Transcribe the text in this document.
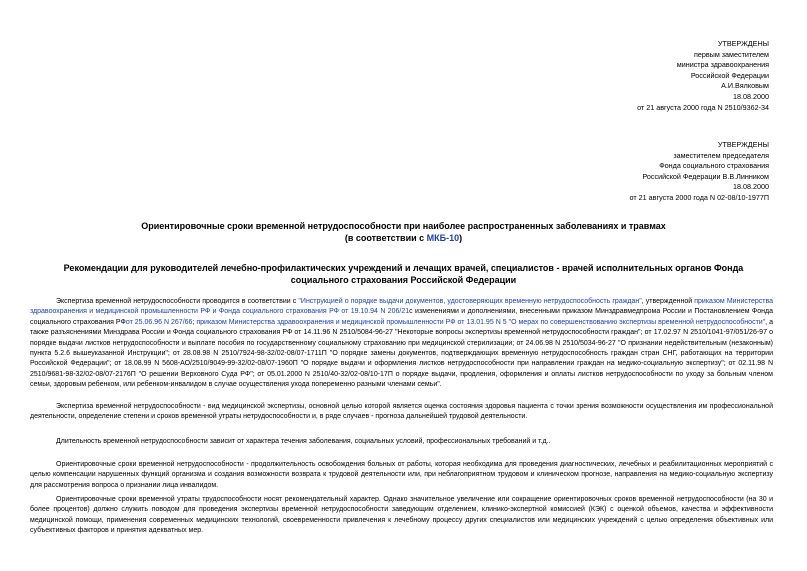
УТВЕРЖДЕНЫ
первым заместителем
министра здравоохранения
Российской Федерации
А.И.Вялковым
18.08.2000
от 21 августа 2000 года N 2510/9362-34
УТВЕРЖДЕНЫ
заместителем председателя
Фонда социального страхования
Российской Федерации В.В.Линником
18.08.2000
от 21 августа 2000 года N 02-08/10-1977П
Ориентировочные сроки временной нетрудоспособности при наиболее распространенных заболеваниях и травмах
(в соответствии с МКБ-10)
Рекомендации для руководителей лечебно-профилактических учреждений и лечащих врачей, специалистов - врачей исполнительных органов Фонда социального страхования Российской Федерации

Экспертиза временной нетрудоспособности проводится в соответствии с "Инструкцией о порядке выдачи документов, удостоверяющих временную нетрудоспособность граждан", утвержденной приказом Министерства здравоохранения и медицинской промышленности РФ и Фонда социального страхования РФ от 19.10.94 N 206/21с изменениями и дополнениями, внесенными приказом Минздравмедпрома России и Постановлением Фонда социального страхования РФот 25.06.96 N 267/66; приказом Министерства здравоохранения и медицинской промышленности РФ от 13.01.95 N 5 "О мерах по совершенствованию экспертизы временной нетрудоспособности", а также разъяснениями Минздрава России и Фонда социального страхования РФ от 14.11.96 N 2510/5084-96-27 "Некоторые вопросы экспертизы временной нетрудоспособности граждан"; от 17.02.97 N 2510/1041-97/051/26-97 о порядке выдачи листков нетрудоспособности и выплате пособия по государственному социальному страхованию при медицинской стерилизации; от 24.06.98 N 2510/5034-96-27 "О признании недействительным (незаконным) пункта 5.2.6 вышеуказанной Инструкции"; от 28.08.98 N 2510/7924-98-32/02-08/07-1711П "О порядке замены документов, подтверждающих временную нетрудоспособность граждан стран СНГ, работающих на территории Российской Федерации"; от 18.08.99 N 5608-АО/2510/9049-99-32/02-08/07-1960П "О порядке выдачи и оформления листков нетрудоспособности при направлении граждан на медико-социальную экспертизу"; от 02.11.98 N 2510/9681-98-32/02-08/07-2176П "О решении Верховного Суда РФ"; от 05.01.2000 N 2510/40-32/02-08/10-17П о порядке выдачи, продления, оформления и оплаты листков нетрудоспособности по уходу за больным членом семьи, здоровым ребенком, или ребенком-инвалидом в случае осуществления ухода попеременно разными членами семьи".

Экспертиза временной нетрудоспособности - вид медицинской экспертизы, основной целью которой является оценка состояния здоровья пациента с точки зрения возможности осуществления им профессиональной деятельности, определение степени и сроков временной утраты нетрудоспособности и, в ряде случаев - прогноза дальнейшей трудовой деятельности.

Длительность временной нетрудоспособности зависит от характера течения заболевания, социальных условий, профессиональных требований и т.д..

Ориентировочные сроки временной нетрудоспособности - продолжительность освобождения больных от работы, которая необходима для проведения диагностических, лечебных и реабилитационных мероприятий с целью компенсации нарушенных функций организма и создания возможности возврата к трудовой деятельности или, при неблагоприятном трудовом и клиническом прогнозе, направления на медико-социальную экспертизу для рассмотрения вопроса о признании лица инвалидом.

Ориентировочные сроки временной утраты трудоспособности носят рекомендательный характер. Однако значительное увеличение или сокращение ориентировочных сроков временной нетрудоспособности (на 30 и более процентов) должно служить поводом для проведения экспертизы временной нетрудоспособности заведующим отделением, клинико-экспертной комиссией (КЭК) с оценкой объемов, качества и эффективности медицинской помощи, применения современных медицинских технологий, своевременности привлечения к лечебному процессу других специалистов или медицинских учреждений с целью определения объективных или субъективных факторов и принятия адекватных мер.
